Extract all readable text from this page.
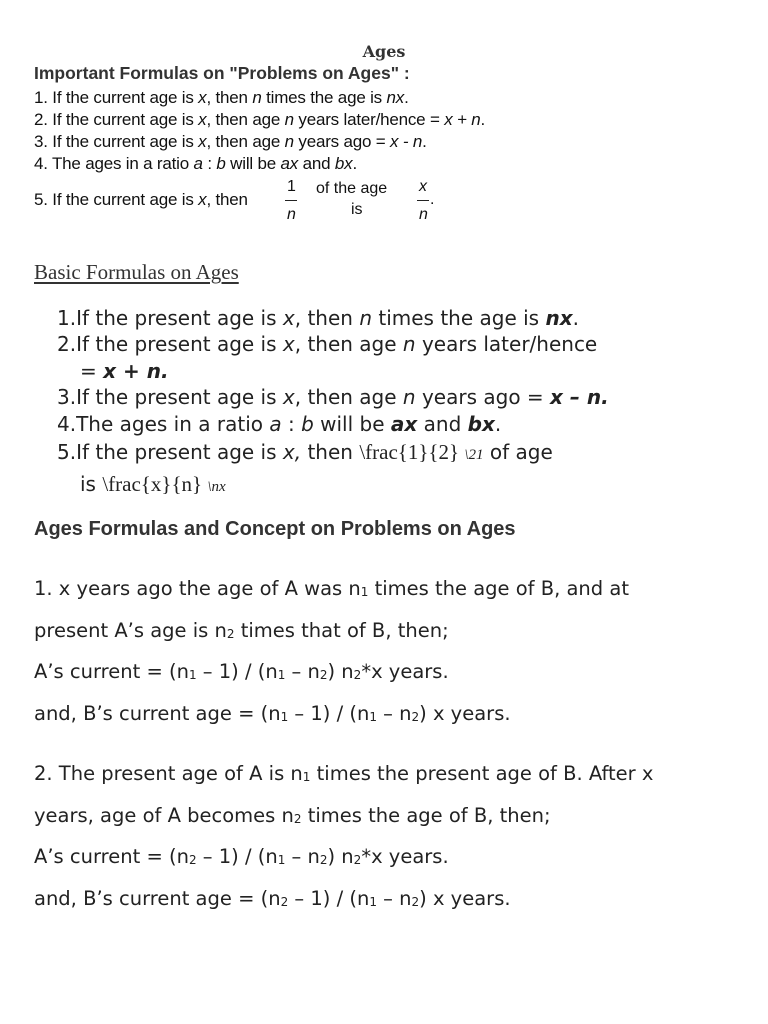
Ages
Important Formulas on "Problems on Ages" :
1. If the current age is x, then n times the age is nx.
2. If the current age is x, then age n years later/hence = x + n.
3. If the current age is x, then age n years ago = x - n.
4. The ages in a ratio a : b will be ax and bx.
5. If the current age is x, then
1
n
of the age
is
x
n
.
Basic Formulas on Ages
1.If the present age is x, then n times the age is nx.
2.If the present age is x, then age n years later/hence
= x + n.
3.If the present age is x, then age n years ago = x – n.
4.The ages in a ratio a : b will be ax and bx.
5.If the present age is x, then \frac{1}{2} \21 of age
is \frac{x}{n} \nx
Ages Formulas and Concept on Problems on Ages
1. x years ago the age of A was $n_1$ times the age of B, and at
present A’s age is $n_2$ times that of B, then;
A’s current = $(n_1 - 1) / (n_1 - n_2)$ $n_2*x$ years.
and, B’s current age = $(n_1 - 1) / (n_1 - n_2)$ x years.
2. The present age of A is $n_1$ times the present age of B. After x
years, age of A becomes $n_2$ times the age of B, then;
A’s current = $(n_2 - 1) / (n_1 - n_2)$ $n_2*x$ years.
and, B’s current age = $(n_2 - 1) / (n_1 - n_2)$ x years.
